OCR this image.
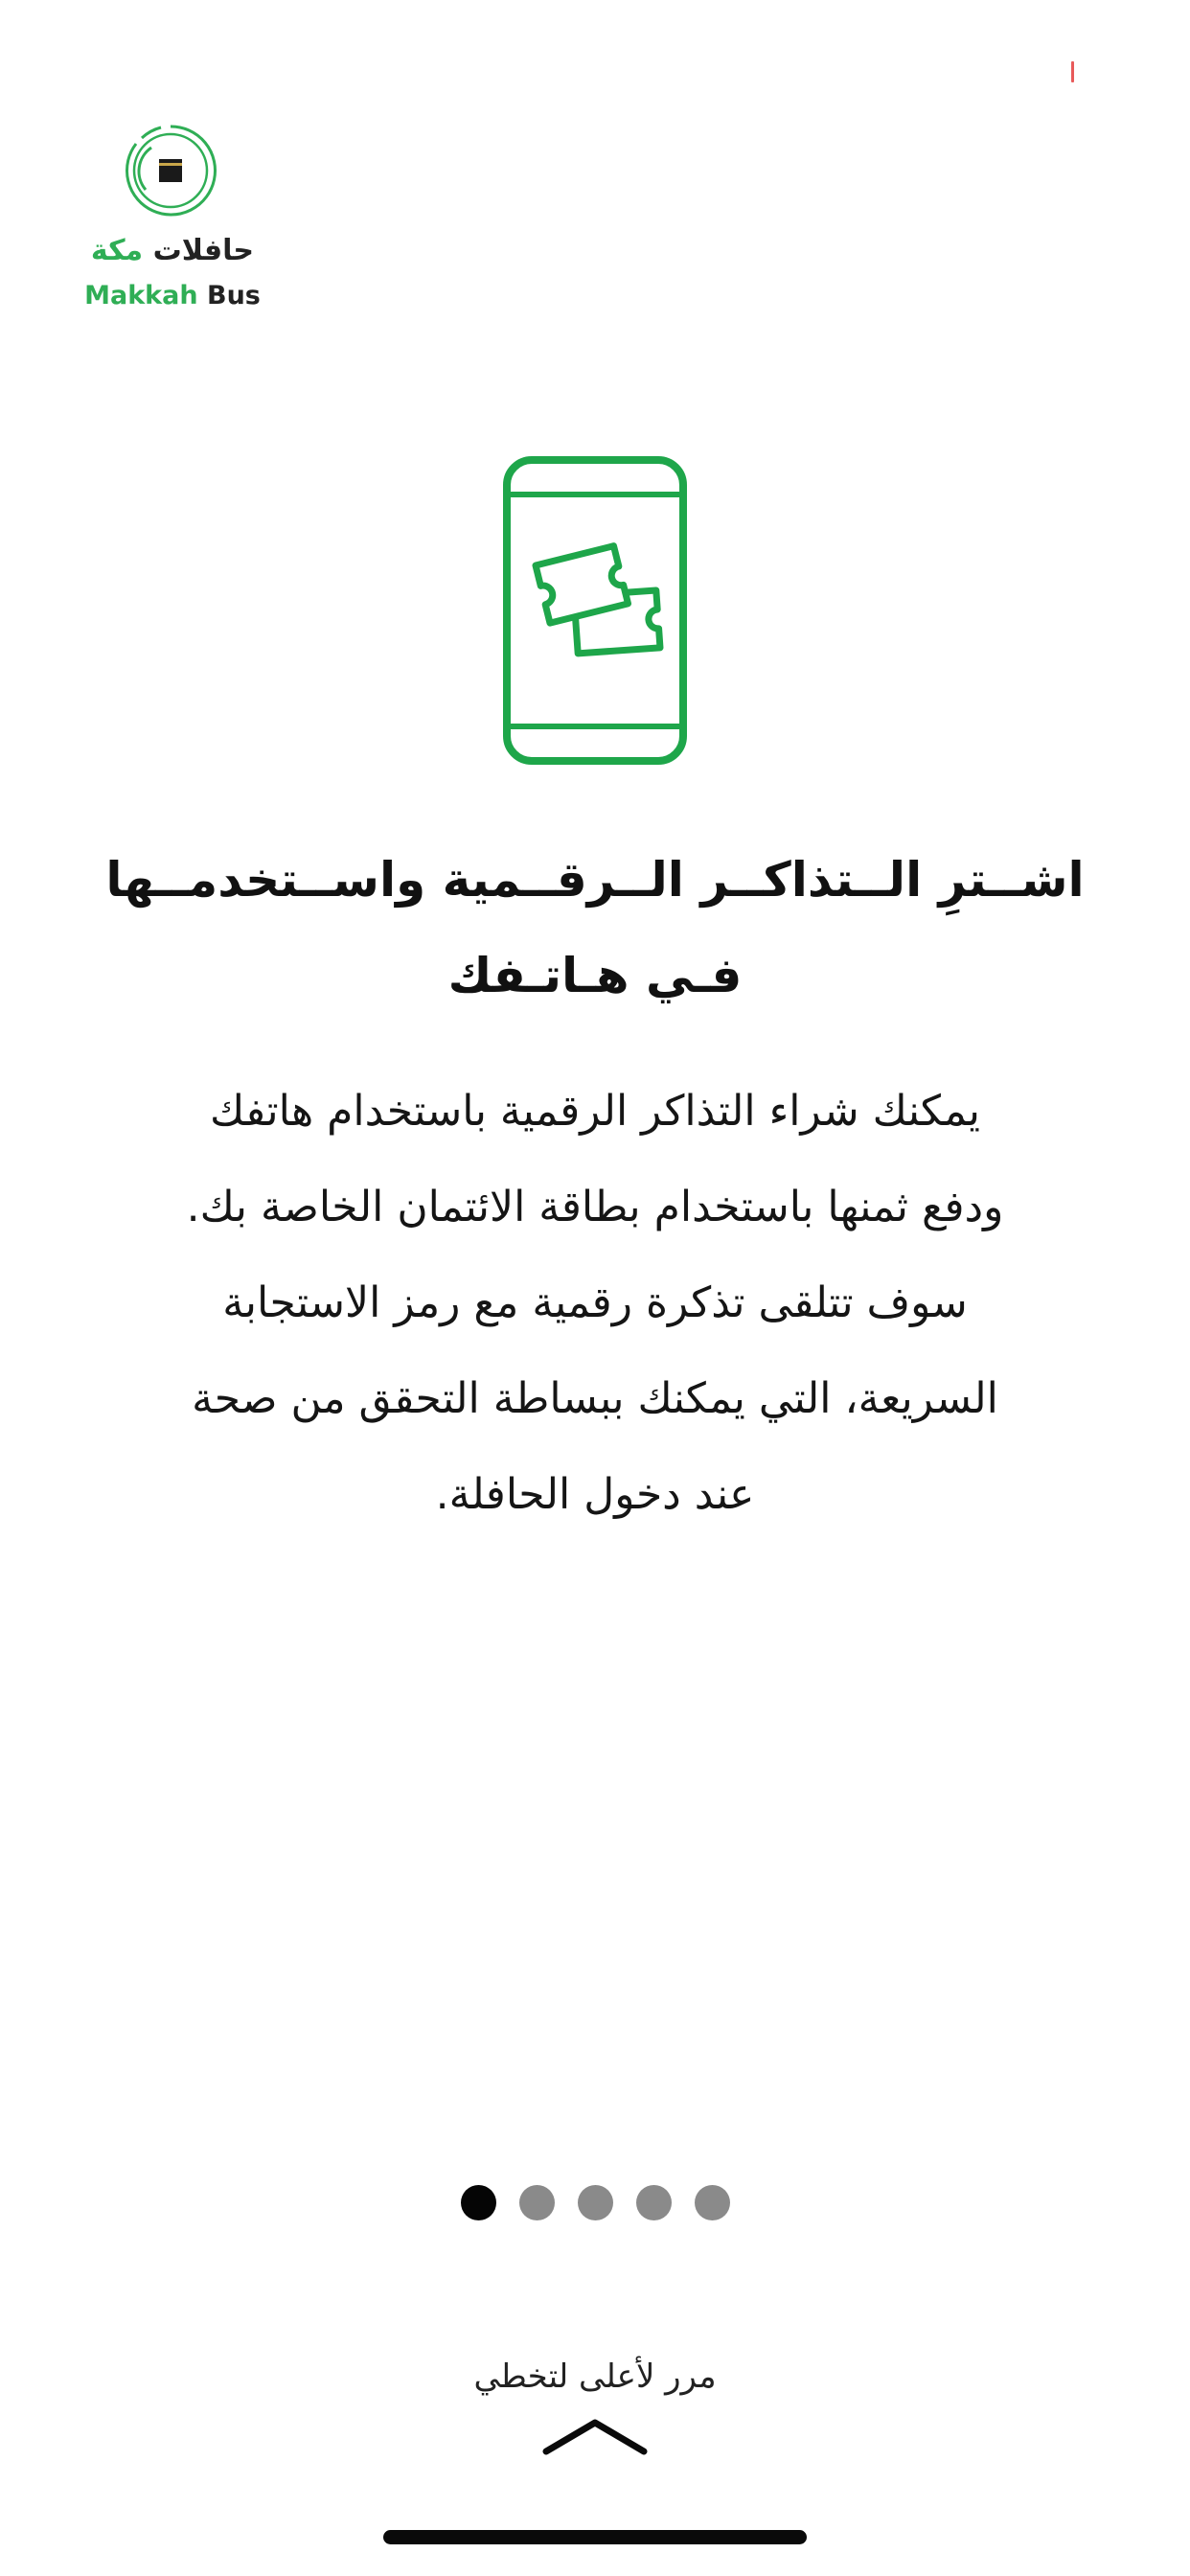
حافلات مكة
Makkah Bus
اشــترِ الــتذاكــر الــرقــمية واســتخدمــها
فـي هـاتـفك

يمكنك شراء التذاكر الرقمية باستخدام هاتفك
ودفع ثمنها باستخدام بطاقة الائتمان الخاصة بك.
سوف تتلقى تذكرة رقمية مع رمز الاستجابة
السريعة، التي يمكنك ببساطة التحقق من صحة
عند دخول الحافلة.

مرر لأعلى لتخطي
